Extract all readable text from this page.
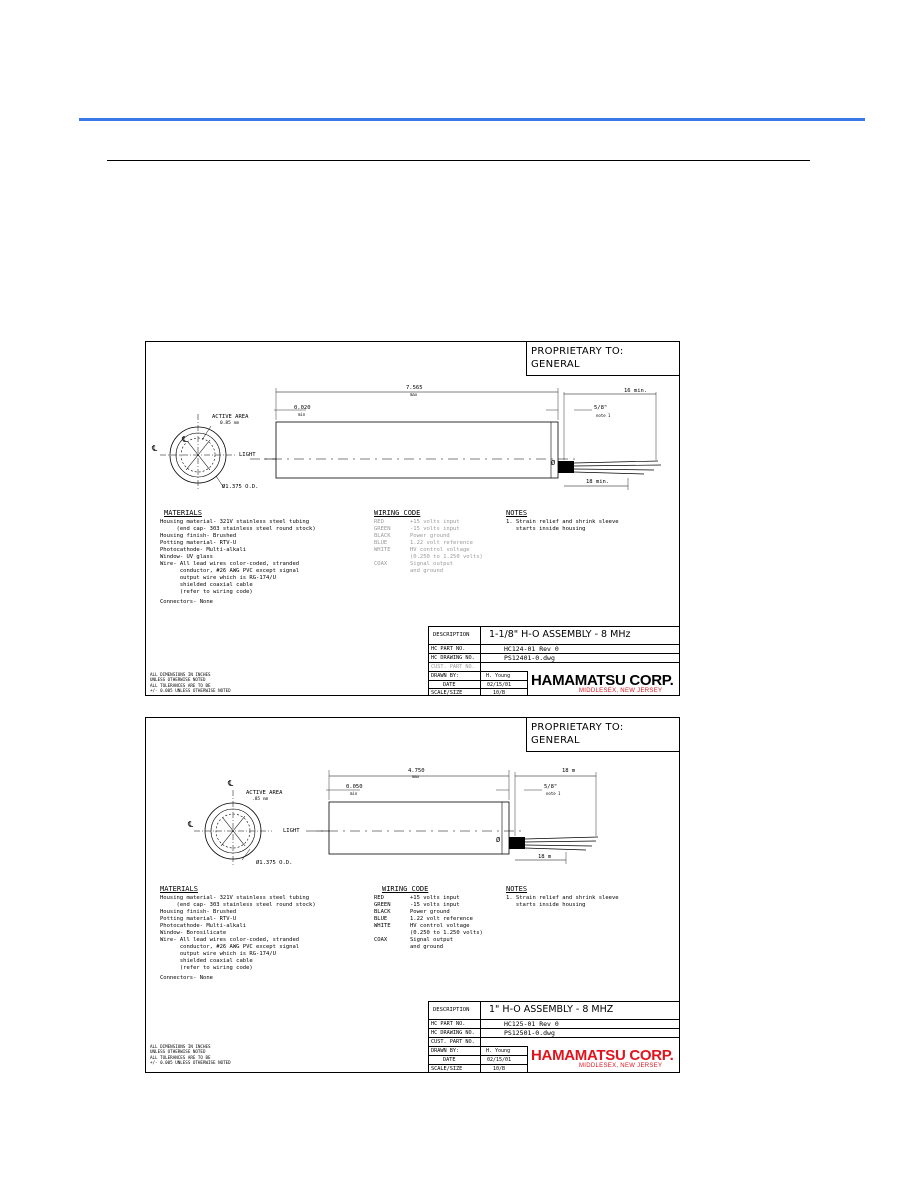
PROPRIETARY TO:
GENERAL
℄
℄
ACTIVE AREA
0.85 nm
LIGHT
Ø1.375 O.D.
7.565
max
0.020
min
16 min.
5/8"
note 1
18 min.
Ø
MATERIALS
Housing material- 321V stainless steel tubing
(end cap- 303 stainless steel round stock)
Housing finish- Brushed
Potting material- RTV-U
Photocathode- Multi-alkali
Window- UV glass
Wire- All lead wires color-coded, stranded
conductor, #26 AWG PVC except signal
output wire which is RG-174/U
shielded coaxial cable
(refer to wiring code)
Connectors- None
WIRING CODE
RED	+15 volts input
GREEN	-15 volts input
BLACK	Power ground
BLUE	1.22 volt reference
WHITE	HV control voltage
(0.250 to 1.250 volts)
COAX	Signal output
and ground
NOTES
1. Strain relief and shrink sleeve
starts inside housing
ALL DIMENSIONS IN INCHES
UNLESS OTHERWISE NOTED
ALL TOLERANCES ARE TO BE
+/- 0.005 UNLESS OTHERWISE NOTED
DESCRIPTION 1-1/8" H-O ASSEMBLY - 8 MHz
HC PART NO.	HC124-01 Rev 0
HC DRAWING NO.	PS12401-0.dwg
CUST. PART NO.
DRAWN BY:	H. Young
DATE	02/15/01
SCALE/SIZE	10/B
HAMAMATSU CORP.
MIDDLESEX, NEW JERSEY
PROPRIETARY TO:
GENERAL
℄
℄
ACTIVE AREA
.85 nm
LIGHT
Ø1.375 O.D.
4.750
max
0.050
min
18 m
5/8"
note 1
18 m
Ø
MATERIALS
Housing material- 321V stainless steel tubing
(end cap- 303 stainless steel round stock)
Housing finish- Brushed
Potting material- RTV-U
Photocathode- Multi-alkali
Window- Borosilicate
Wire- All lead wires color-coded, stranded
conductor, #26 AWG PVC except signal
output wire which is RG-174/U
shielded coaxial cable
(refer to wiring code)
Connectors- None
WIRING CODE
RED	+15 volts input
GREEN	-15 volts input
BLACK	Power ground
BLUE	1.22 volt reference
WHITE	HV control voltage
(0.250 to 1.250 volts)
COAX	Signal output
and ground
NOTES
1. Strain relief and shrink sleeve
starts inside housing
ALL DIMENSIONS IN INCHES
UNLESS OTHERWISE NOTED
ALL TOLERANCES ARE TO BE
+/- 0.005 UNLESS OTHERWISE NOTED
DESCRIPTION 1" H-O ASSEMBLY - 8 MHZ
HC PART NO.	HC125-01 Rev 0
HC DRAWING NO.	PS12501-0.dwg
CUST. PART NO.
DRAWN BY:	H. Young
DATE	02/15/01
SCALE/SIZE	10/B
HAMAMATSU CORP.
MIDDLESEX, NEW JERSEY
